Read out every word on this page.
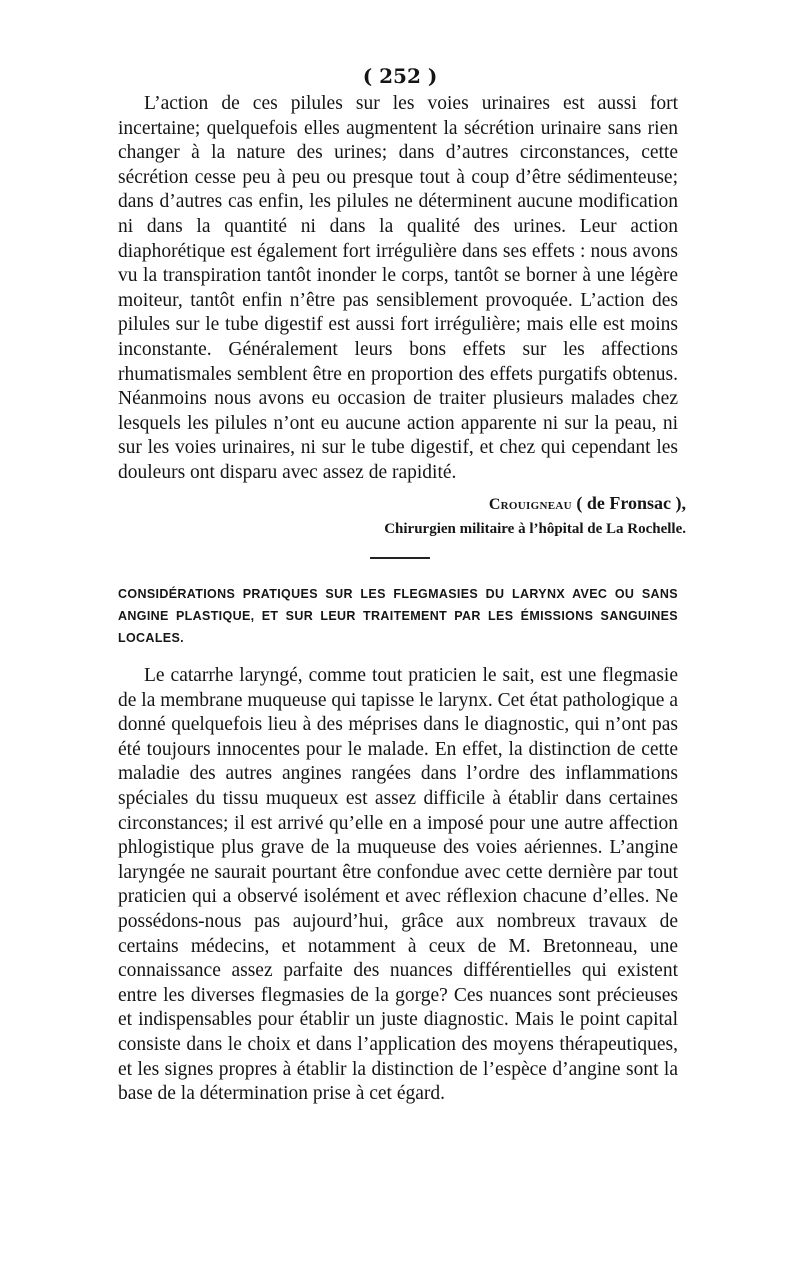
( 252 )

L’action de ces pilules sur les voies urinaires est aussi fort incertaine; quelquefois elles augmentent la sécrétion urinaire sans rien changer à la nature des urines; dans d’autres circonstances, cette sécrétion cesse peu à peu ou presque tout à coup d’être sédimenteuse; dans d’autres cas enfin, les pilules ne déterminent aucune modification ni dans la quantité ni dans la qualité des urines. Leur action diaphorétique est également fort irrégulière dans ses effets : nous avons vu la transpiration tantôt inonder le corps, tantôt se borner à une légère moiteur, tantôt enfin n’être pas sensiblement provoquée. L’action des pilules sur le tube digestif est aussi fort irrégulière; mais elle est moins inconstante. Généralement leurs bons effets sur les affections rhumatismales semblent être en proportion des effets purgatifs obtenus. Néanmoins nous avons eu occasion de traiter plusieurs malades chez lesquels les pilules n’ont eu aucune action apparente ni sur la peau, ni sur les voies urinaires, ni sur le tube digestif, et chez qui cependant les douleurs ont disparu avec assez de rapidité.

Crouigneau ( de Fronsac ),
Chirurgien militaire à l’hôpital de La Rochelle.

CONSIDÉRATIONS PRATIQUES SUR LES FLEGMASIES DU LARYNX AVEC OU SANS ANGINE PLASTIQUE, ET SUR LEUR TRAITEMENT PAR LES ÉMISSIONS SANGUINES LOCALES.

Le catarrhe laryngé, comme tout praticien le sait, est une flegmasie de la membrane muqueuse qui tapisse le larynx. Cet état pathologique a donné quelquefois lieu à des méprises dans le diagnostic, qui n’ont pas été toujours innocentes pour le malade. En effet, la distinction de cette maladie des autres angines rangées dans l’ordre des inflammations spéciales du tissu muqueux est assez difficile à établir dans certaines circonstances; il est arrivé qu’elle en a imposé pour une autre affection phlogistique plus grave de la muqueuse des voies aériennes. L’angine laryngée ne saurait pourtant être confondue avec cette dernière par tout praticien qui a observé isolément et avec réflexion chacune d’elles. Ne possédons-nous pas aujourd’hui, grâce aux nombreux travaux de certains médecins, et notamment à ceux de M. Bretonneau, une connaissance assez parfaite des nuances différentielles qui existent entre les diverses flegmasies de la gorge? Ces nuances sont précieuses et indispensables pour établir un juste diagnostic. Mais le point capital consiste dans le choix et dans l’application des moyens thérapeutiques, et les signes propres à établir la distinction de l’espèce d’angine sont la base de la détermination prise à cet égard.
